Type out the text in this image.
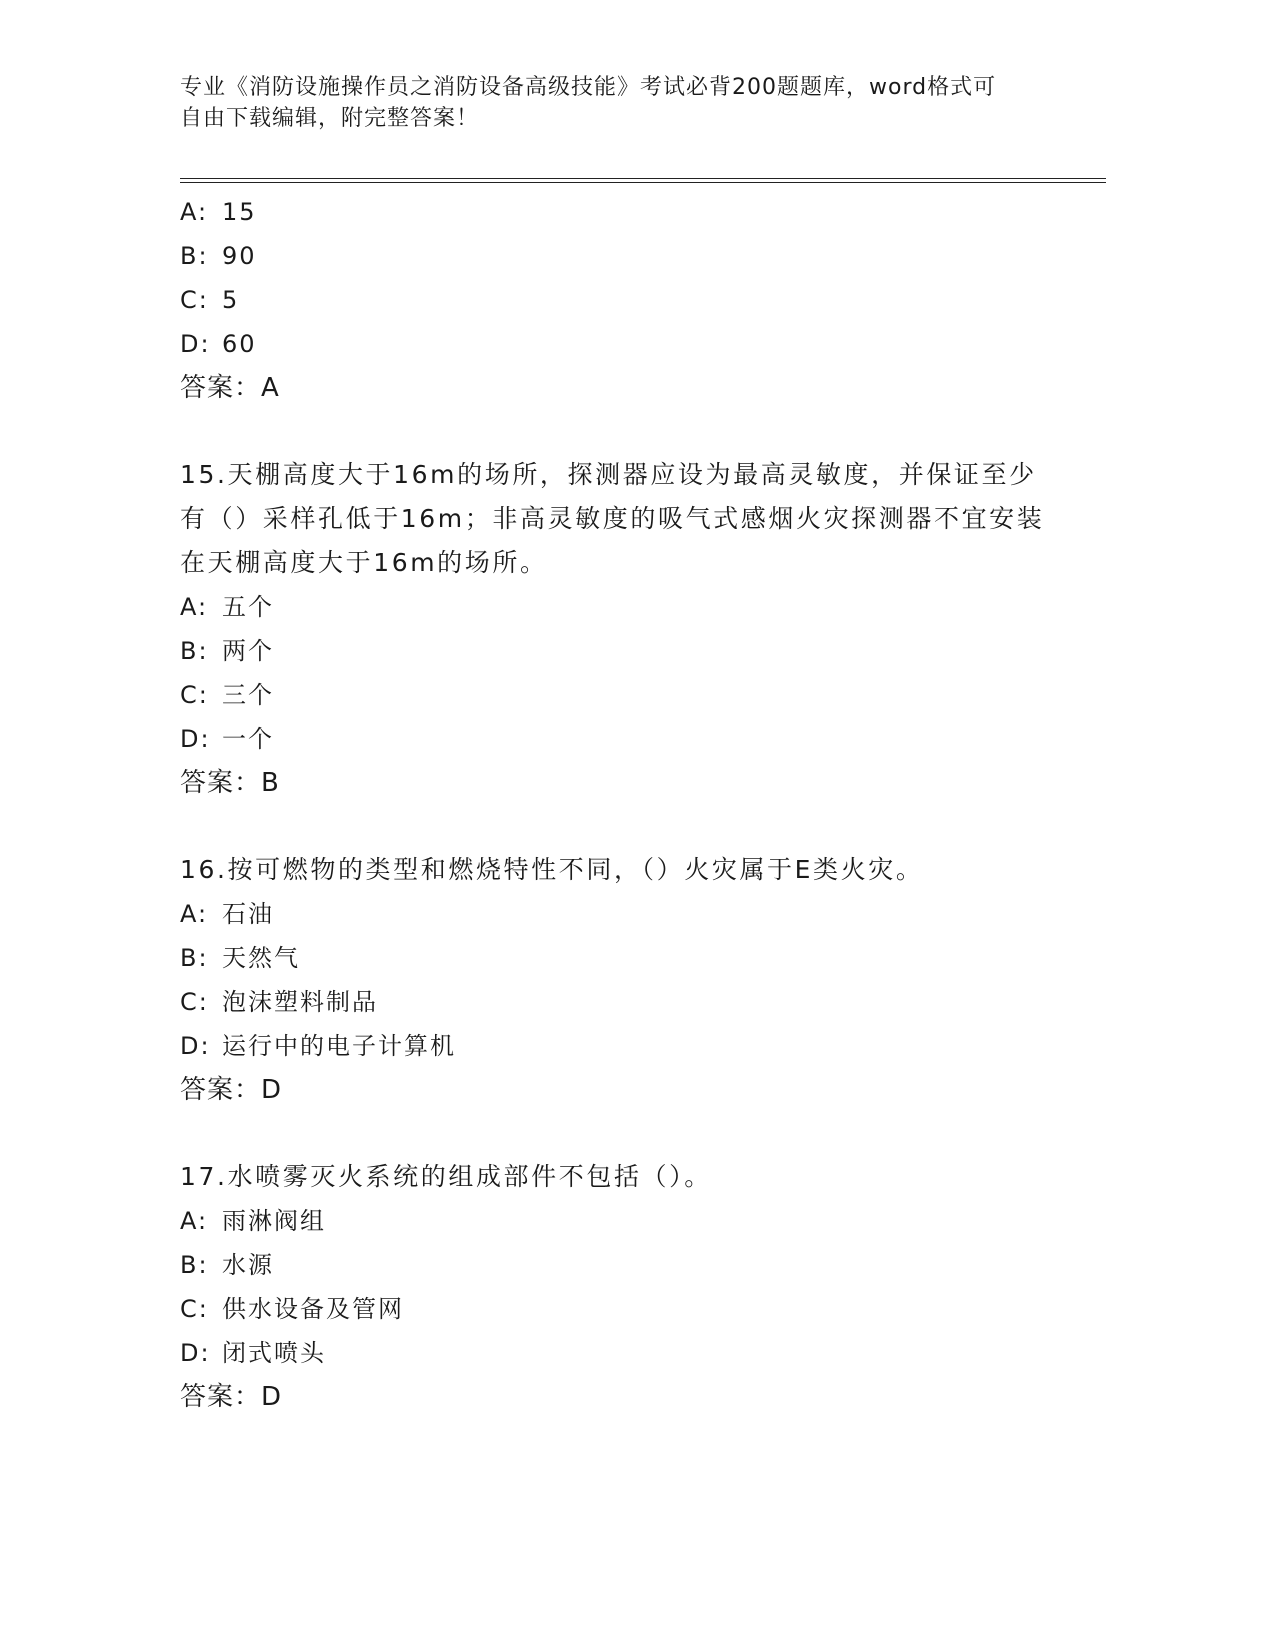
专业《消防设施操作员之消防设备高级技能》考试必背200题题库，word格式可
自由下载编辑，附完整答案！
A: 15
B: 90
C: 5
D: 60
答案：A
15.天棚高度大于16m的场所，探测器应设为最高灵敏度，并保证至少
有（）采样孔低于16m；非高灵敏度的吸气式感烟火灾探测器不宜安装
在天棚高度大于16m的场所。
A: 五个
B: 两个
C: 三个
D: 一个
答案：B
16.按可燃物的类型和燃烧特性不同，（）火灾属于E类火灾。
A: 石油
B: 天然气
C: 泡沫塑料制品
D: 运行中的电子计算机
答案：D
17.水喷雾灭火系统的组成部件不包括（）。
A: 雨淋阀组
B: 水源
C: 供水设备及管网
D: 闭式喷头
答案：D
